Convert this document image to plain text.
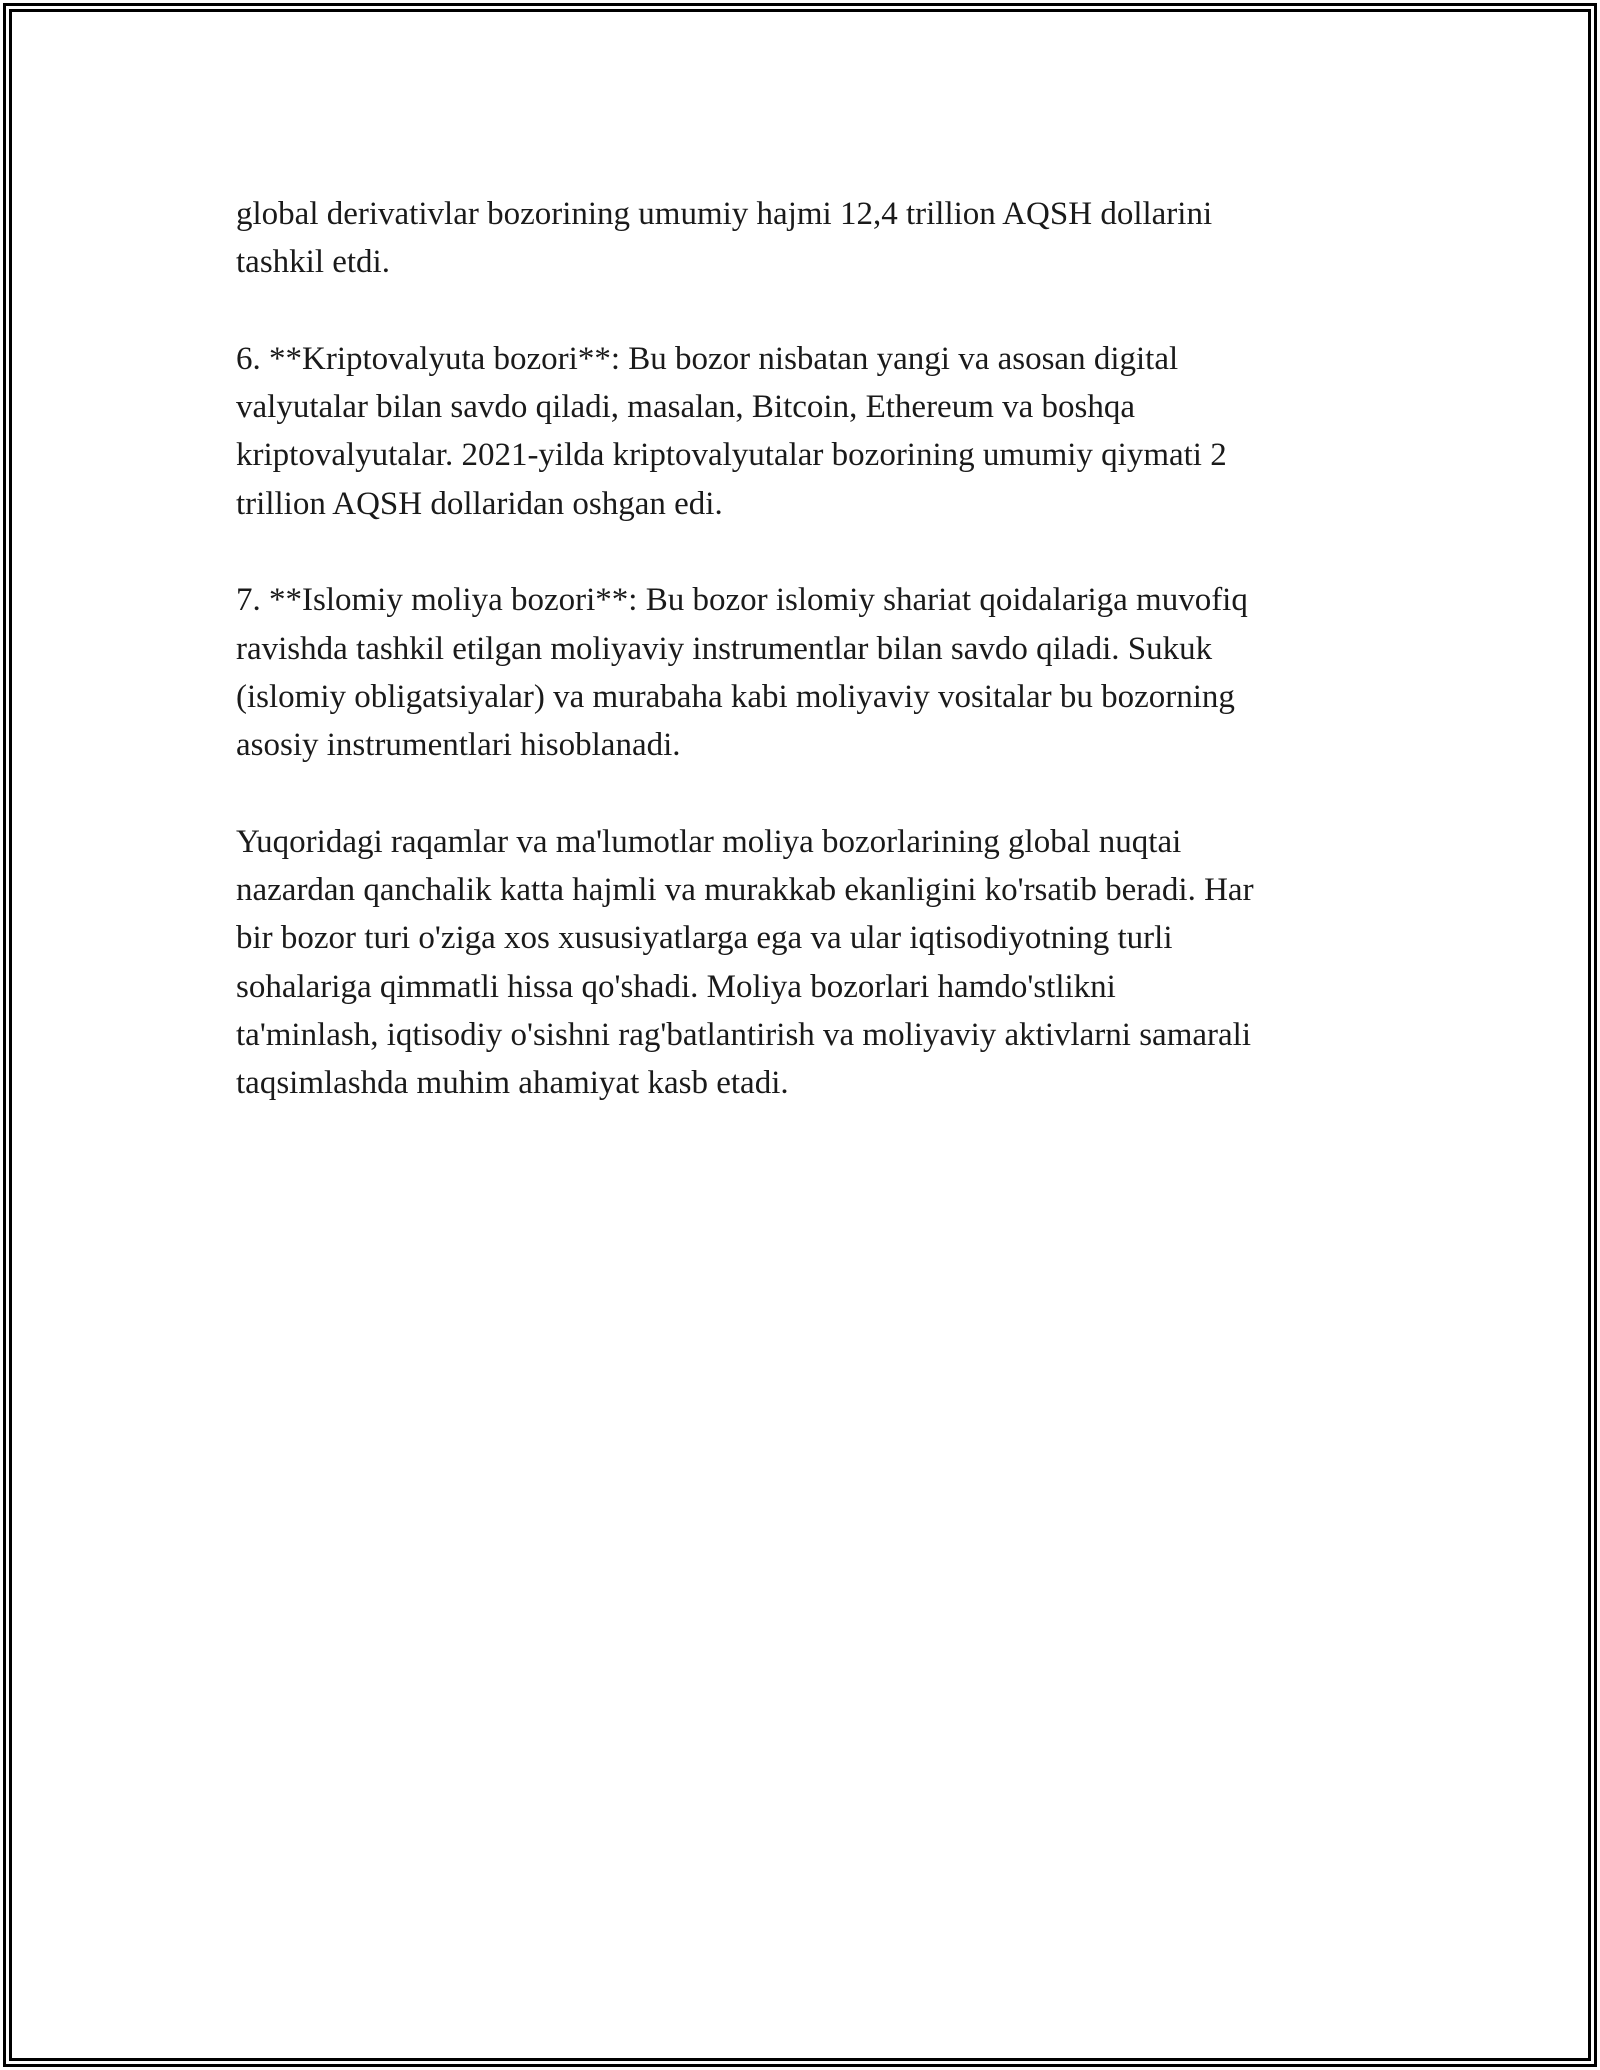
global derivativlar bozorining umumiy hajmi 12,4 trillion AQSH dollarini
tashkil etdi.

6. **Kriptovalyuta bozori**: Bu bozor nisbatan yangi va asosan digital
valyutalar bilan savdo qiladi, masalan, Bitcoin, Ethereum va boshqa
kriptovalyutalar. 2021-yilda kriptovalyutalar bozorining umumiy qiymati 2
trillion AQSH dollaridan oshgan edi.

7. **Islomiy moliya bozori**: Bu bozor islomiy shariat qoidalariga muvofiq
ravishda tashkil etilgan moliyaviy instrumentlar bilan savdo qiladi. Sukuk
(islomiy obligatsiyalar) va murabaha kabi moliyaviy vositalar bu bozorning
asosiy instrumentlari hisoblanadi.

Yuqoridagi raqamlar va ma'lumotlar moliya bozorlarining global nuqtai
nazardan qanchalik katta hajmli va murakkab ekanligini ko'rsatib beradi. Har
bir bozor turi o'ziga xos xususiyatlarga ega va ular iqtisodiyotning turli
sohalariga qimmatli hissa qo'shadi. Moliya bozorlari hamdo'stlikni
ta'minlash, iqtisodiy o'sishni rag'batlantirish va moliyaviy aktivlarni samarali
taqsimlashda muhim ahamiyat kasb etadi.
